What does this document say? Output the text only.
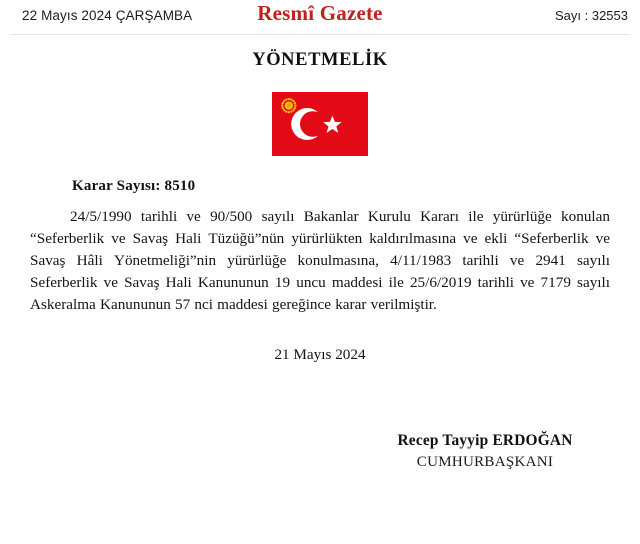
22 Mayıs 2024 ÇARŞAMBA	Resmî Gazete	Sayı : 32553
YÖNETMELİK
Karar Sayısı: 8510
24/5/1990 tarihli ve 90/500 sayılı Bakanlar Kurulu Kararı ile yürürlüğe konulan
“Seferberlik ve Savaş Hali Tüzüğü”nün yürürlükten kaldırılmasına ve ekli “Seferberlik ve
Savaş Hâli Yönetmeliği”nin yürürlüğe konulmasına, 4/11/1983 tarihli ve 2941 sayılı
Seferberlik ve Savaş Hali Kanununun 19 uncu maddesi ile 25/6/2019 tarihli ve 7179 sayılı
Askeralma Kanununun 57 nci maddesi gereğince karar verilmiştir.
21 Mayıs 2024
Recep Tayyip ERDOĞAN
CUMHURBAŞKANI
